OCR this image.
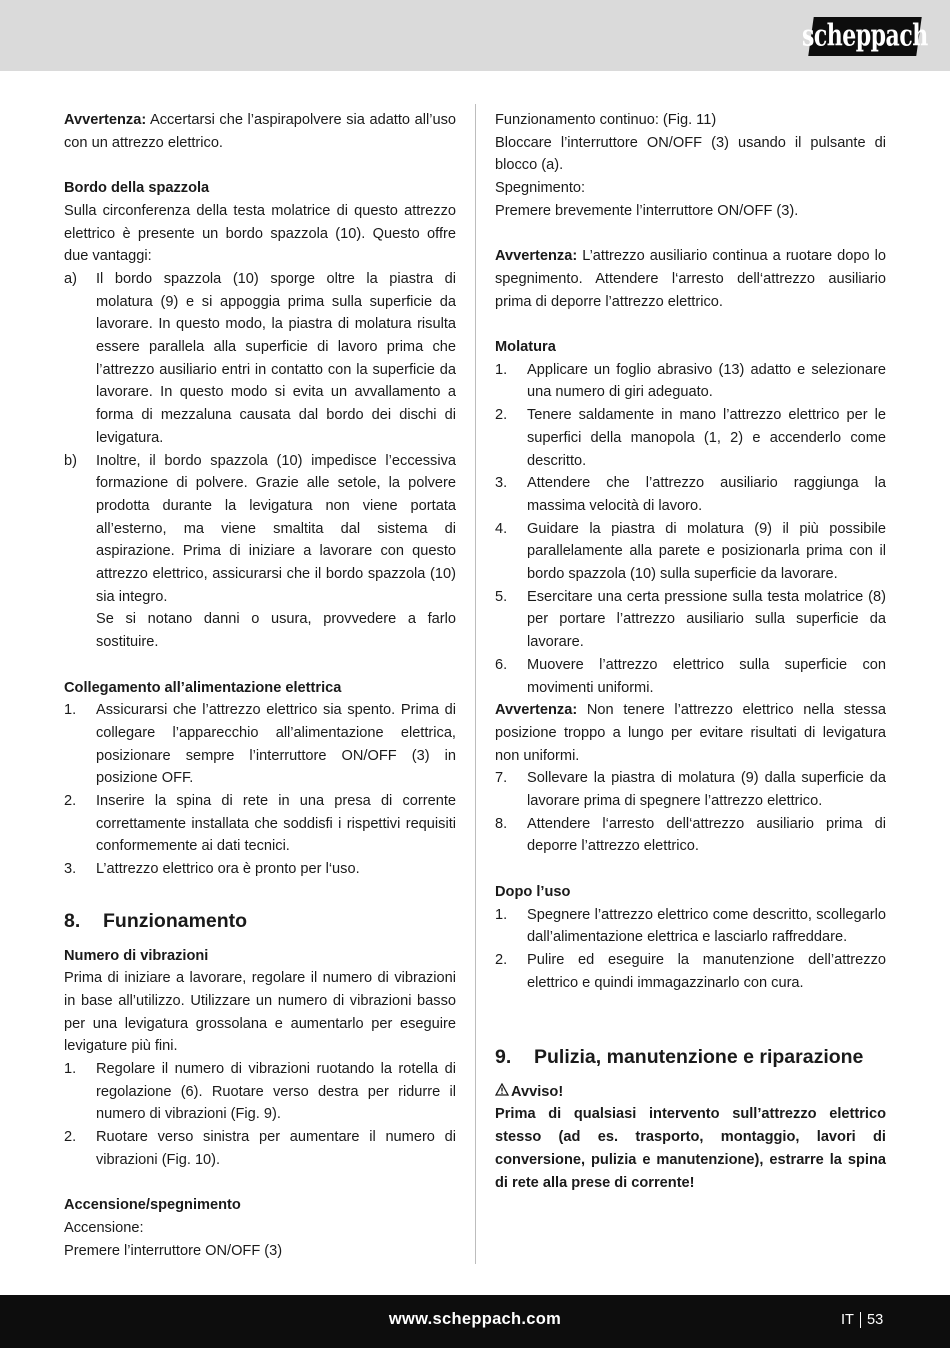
scheppach

Avvertenza: Accertarsi che l’aspirapolvere sia adatto all’uso con un attrezzo elettrico.

Bordo della spazzola

Sulla circonferenza della testa molatrice di questo attrezzo elettrico è presente un bordo spazzola (10). Questo offre due vantaggi:

a)	Il bordo spazzola (10) sporge oltre la piastra di molatura (9) e si appoggia prima sulla superficie da lavorare. In questo modo, la piastra di molatura risulta essere parallela alla superficie di lavoro prima che l’attrezzo ausiliario entri in contatto con la superficie da lavorare. In questo modo si evita un avvallamento a forma di mezzaluna causata dal bordo dei dischi di levigatura.
b)	Inoltre, il bordo spazzola (10) impedisce l’eccessiva formazione di polvere. Grazie alle setole, la polvere prodotta durante la levigatura non viene portata all’esterno, ma viene smaltita dal sistema di aspirazione. Prima di iniziare a lavorare con questo attrezzo elettrico, assicurarsi che il bordo spazzola (10) sia integro.

Se si notano danni o usura, provvedere a farlo sostituire.

Collegamento all’alimentazione elettrica

1.	Assicurarsi che l’attrezzo elettrico sia spento. Prima di collegare l’apparecchio all’alimentazione elettrica, posizionare sempre l’interruttore ON/OFF (3) in posizione OFF.
2.	Inserire la spina di rete in una presa di corrente correttamente installata che soddisfi i rispettivi requisiti conformemente ai dati tecnici.
3.	L’attrezzo elettrico ora è pronto per l‘uso.
8.	Funzionamento

Numero di vibrazioni

Prima di iniziare a lavorare, regolare il numero di vibrazioni in base all’utilizzo. Utilizzare un numero di vibrazioni basso per una levigatura grossolana e aumentarlo per eseguire levigature più fini.

1.	Regolare il numero di vibrazioni ruotando la rotella di regolazione (6). Ruotare verso destra per ridurre il numero di vibrazioni (Fig. 9).
2.	Ruotare verso sinistra per aumentare il numero di vibrazioni (Fig. 10).

Accensione/spegnimento

Accensione:

Premere l’interruttore ON/OFF (3)

Funzionamento continuo: (Fig. 11)

Bloccare l’interruttore ON/OFF (3) usando il pulsante di blocco (a).

Spegnimento:

Premere brevemente l’interruttore ON/OFF (3).

Avvertenza: L’attrezzo ausiliario continua a ruotare dopo lo spegnimento. Attendere l‘arresto dell‘attrezzo ausiliario prima di deporre l’attrezzo elettrico.

Molatura

1.	Applicare un foglio abrasivo (13) adatto e selezionare una numero di giri adeguato.
2.	Tenere saldamente in mano l’attrezzo elettrico per le superfici della manopola (1, 2) e accenderlo come descritto.
3.	Attendere che l’attrezzo ausiliario raggiunga la massima velocità di lavoro.
4.	Guidare la piastra di molatura (9) il più possibile parallelamente alla parete e posizionarla prima con il bordo spazzola (10) sulla superficie da lavorare.
5.	Esercitare una certa pressione sulla testa molatrice (8) per portare l’attrezzo ausiliario sulla superficie da lavorare.
6.	Muovere l’attrezzo elettrico sulla superficie con movimenti uniformi.

Avvertenza: Non tenere l’attrezzo elettrico nella stessa posizione troppo a lungo per evitare risultati di levigatura non uniformi.

7.	Sollevare la piastra di molatura (9) dalla superficie da lavorare prima di spegnere l’attrezzo elettrico.
8.	Attendere l‘arresto dell‘attrezzo ausiliario prima di deporre l’attrezzo elettrico.

Dopo l’uso

1.	Spegnere l’attrezzo elettrico come descritto, scollegarlo dall’alimentazione elettrica e lasciarlo raffreddare.
2.	Pulire ed eseguire la manutenzione dell’attrezzo elettrico e quindi immagazzinarlo con cura.
9.	Pulizia, manutenzione e riparazione

Avviso!

Prima di qualsiasi intervento sull’attrezzo elettrico stesso (ad es. trasporto, montaggio, lavori di conversione, pulizia e manutenzione), estrarre la spina di rete alla prese di corrente!

www.scheppach.com	IT 53
